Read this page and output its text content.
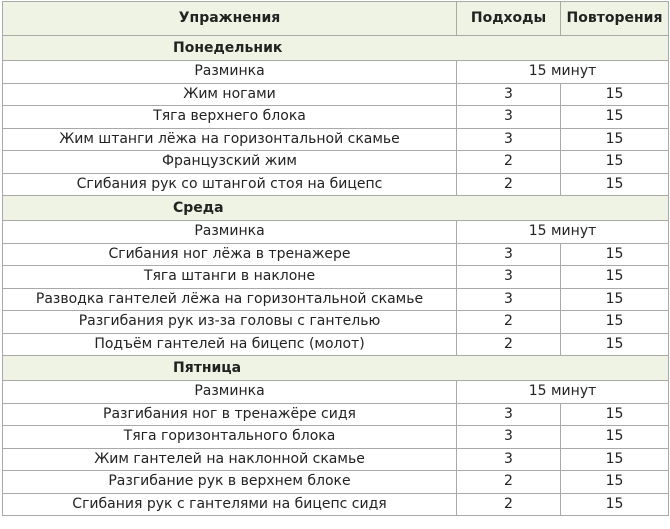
Упражнения	Подходы	Повторения
Понедельник		
Разминка	15 минут	
Жим ногами	3	15
Тяга верхнего блока	3	15
Жим штанги лёжа на горизонтальной скамье	3	15
Французский жим	2	15
Сгибания рук со штангой стоя на бицепс	2	15
Среда		
Разминка	15 минут	
Сгибания ног лёжа в тренажере	3	15
Тяга штанги в наклоне	3	15
Разводка гантелей лёжа на горизонтальной скамье	3	15
Разгибания рук из-за головы с гантелью	2	15
Подъём гантелей на бицепс (молот)	2	15
Пятница		
Разминка	15 минут	
Разгибания ног в тренажёре сидя	3	15
Тяга горизонтального блока	3	15
Жим гантелей на наклонной скамье	3	15
Разгибание рук в верхнем блоке	2	15
Сгибания рук с гантелями на бицепс сидя	2	15
